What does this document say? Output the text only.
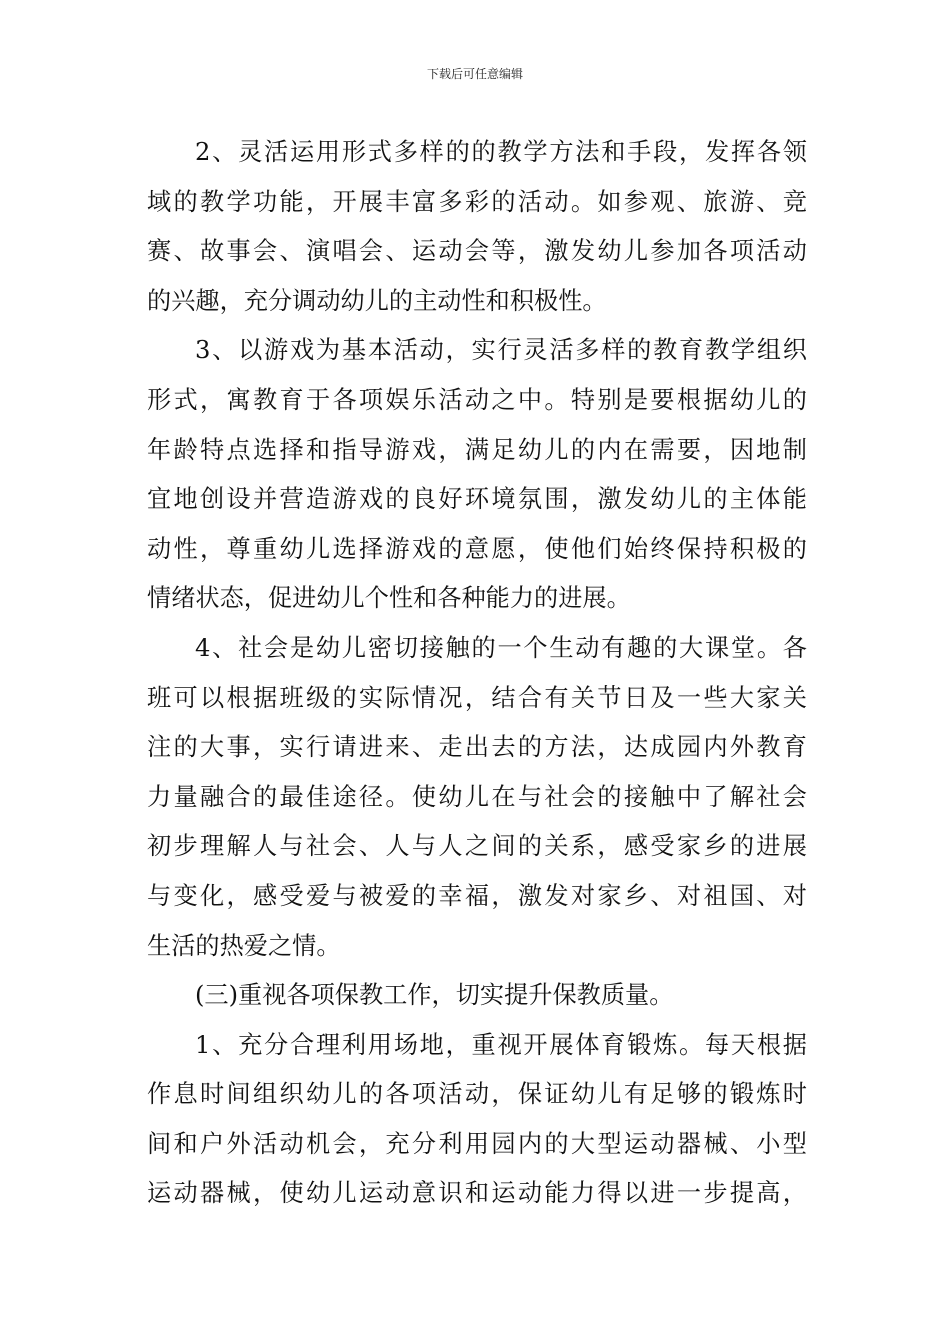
下载后可任意编辑
2、灵活运用形式多样的的教学方法和手段，发挥各领
域的教学功能，开展丰富多彩的活动。如参观、旅游、竞
赛、故事会、演唱会、运动会等，激发幼儿参加各项活动
的兴趣，充分调动幼儿的主动性和积极性。
3、以游戏为基本活动，实行灵活多样的教育教学组织
形式，寓教育于各项娱乐活动之中。特别是要根据幼儿的
年龄特点选择和指导游戏，满足幼儿的内在需要，因地制
宜地创设并营造游戏的良好环境氛围，激发幼儿的主体能
动性，尊重幼儿选择游戏的意愿，使他们始终保持积极的
情绪状态，促进幼儿个性和各种能力的进展。
4、社会是幼儿密切接触的一个生动有趣的大课堂。各
班可以根据班级的实际情况，结合有关节日及一些大家关
注的大事，实行请进来、走出去的方法，达成园内外教育
力量融合的最佳途径。使幼儿在与社会的接触中了解社会
初步理解人与社会、人与人之间的关系，感受家乡的进展
与变化，感受爱与被爱的幸福，激发对家乡、对祖国、对
生活的热爱之情。
(三)重视各项保教工作，切实提升保教质量。
1、充分合理利用场地，重视开展体育锻炼。每天根据
作息时间组织幼儿的各项活动，保证幼儿有足够的锻炼时
间和户外活动机会，充分利用园内的大型运动器械、小型
运动器械，使幼儿运动意识和运动能力得以进一步提高，
